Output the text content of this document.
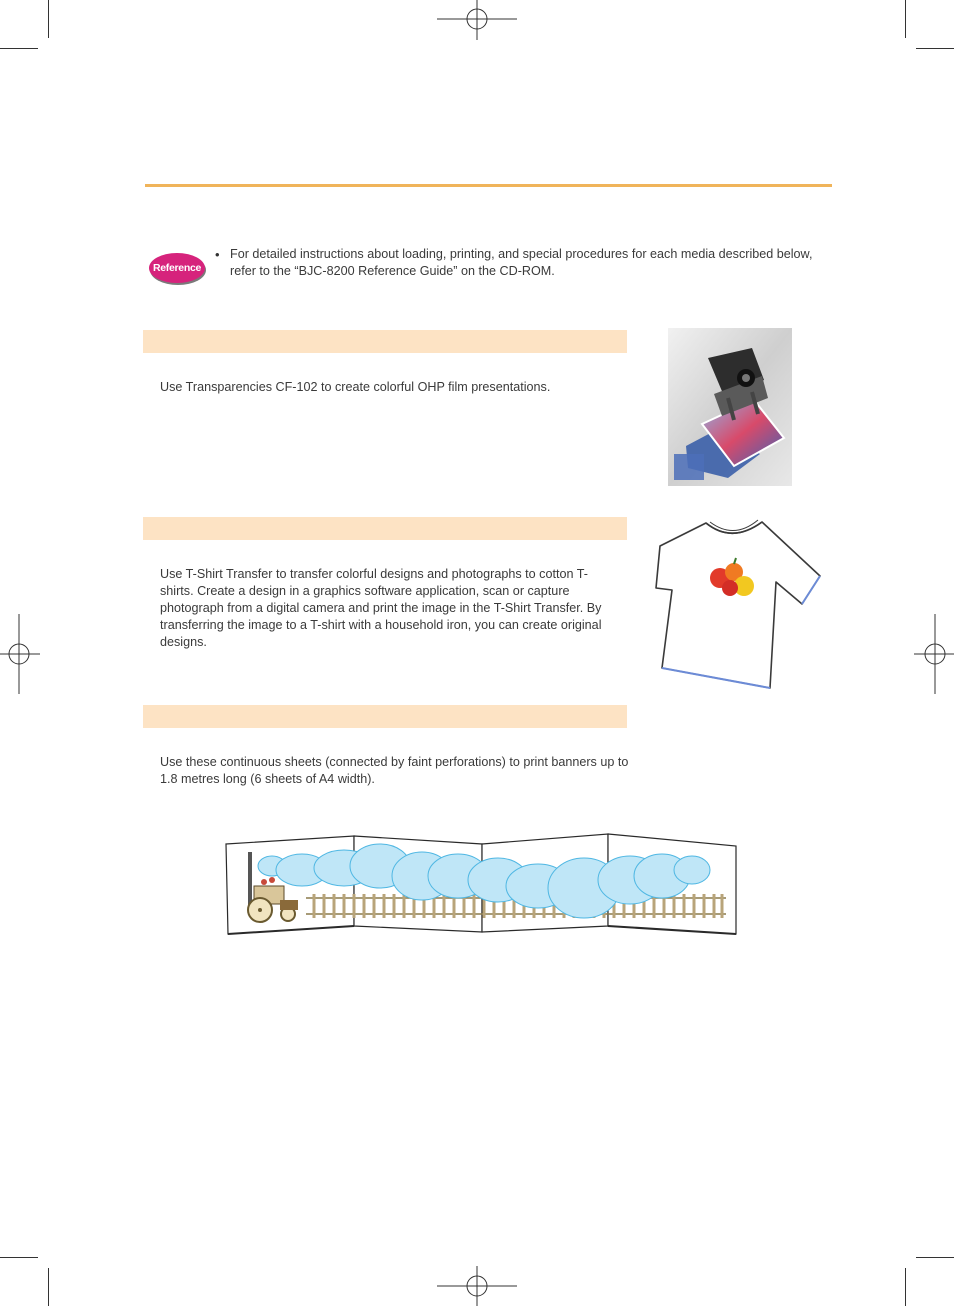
Reference
• For detailed instructions about loading, printing, and special procedures for each media described below, refer to the “BJC-8200 Reference Guide” on the CD-ROM.
Use Transparencies CF-102 to create colorful OHP film presentations.
Use T-Shirt Transfer to transfer colorful designs and photographs to cotton T-shirts. Create a design in a graphics software application, scan or capture photograph from a digital camera and print the image in the T-Shirt Transfer. By transferring the image to a T-shirt with a household iron, you can create original designs.
Use these continuous sheets (connected by faint perforations) to print banners up to 1.8 metres long (6 sheets of A4 width).
